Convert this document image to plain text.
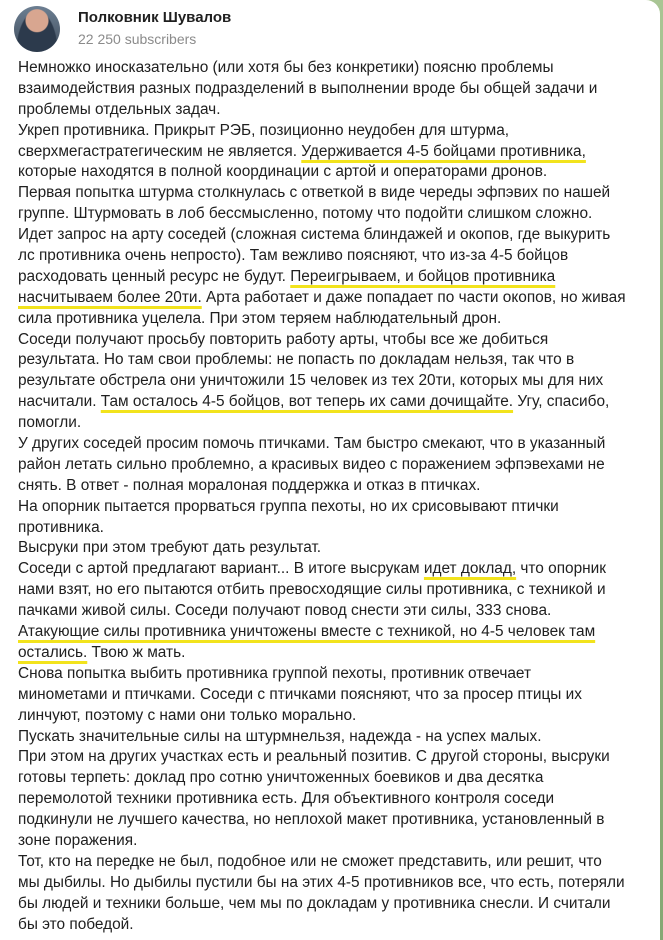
Полковник Шувалов
22 250 subscribers
Немножко иносказательно (или хотя бы без конкретики) поясню проблемы
взаимодействия разных подразделений в выполнении вроде бы общей задачи и
проблемы отдельных задач.
Укреп противника. Прикрыт РЭБ, позиционно неудобен для штурма,
сверхмегастратегическим не является. Удерживается 4-5 бойцами противника,
которые находятся в полной координации с артой и операторами дронов.
Первая попытка штурма столкнулась с ответкой в виде череды эфпэвих по нашей
группе. Штурмовать в лоб бессмысленно, потому что подойти слишком сложно.
Идет запрос на арту соседей (сложная система блиндажей и окопов, где выкурить
лс противника очень непросто). Там вежливо поясняют, что из-за 4-5 бойцов
расходовать ценный ресурс не будут. Переигрываем, и бойцов противника
насчитываем более 20ти. Арта работает и даже попадает по части окопов, но живая
сила противника уцелела. При этом теряем наблюдательный дрон.
Соседи получают просьбу повторить работу арты, чтобы все же добиться
результата. Но там свои проблемы: не попасть по докладам нельзя, так что в
результате обстрела они уничтожили 15 человек из тех 20ти, которых мы для них
насчитали. Там осталось 4-5 бойцов, вот теперь их сами дочищайте. Угу, спасибо,
помогли.
У других соседей просим помочь птичками. Там быстро смекают, что в указанный
район летать сильно проблемно, а красивых видео с поражением эфпэвехами не
снять. В ответ - полная моралоная поддержка и отказ в птичках.
На опорник пытается прорваться группа пехоты, но их срисовывают птички
противника.
Высруки при этом требуют дать результат.
Соседи с артой предлагают вариант... В итоге высрукам идет доклад, что опорник
нами взят, но его пытаются отбить превосходящие силы противника, с техникой и
пачками живой силы. Соседи получают повод снести эти силы, 333 снова.
Атакующие силы противника уничтожены вместе с техникой, но 4-5 человек там
остались. Твою ж мать.
Снова попытка выбить противника группой пехоты, противник отвечает
минометами и птичками. Соседи с птичками поясняют, что за просер птицы их
линчуют, поэтому с нами они только морально.
Пускать значительные силы на штурмнельзя, надежда - на успех малых.
При этом на других участках есть и реальный позитив. С другой стороны, высруки
готовы терпеть: доклад про сотню уничтоженных боевиков и два десятка
перемолотой техники противника есть. Для объективного контроля соседи
подкинули не лучшего качества, но неплохой макет противника, установленный в
зоне поражения.
Тот, кто на передке не был, подобное или не сможет представить, или решит, что
мы дыбилы. Но дыбилы пустили бы на этих 4-5 противников все, что есть, потеряли
бы людей и техники больше, чем мы по докладам у противника снесли. И считали
бы это победой.
